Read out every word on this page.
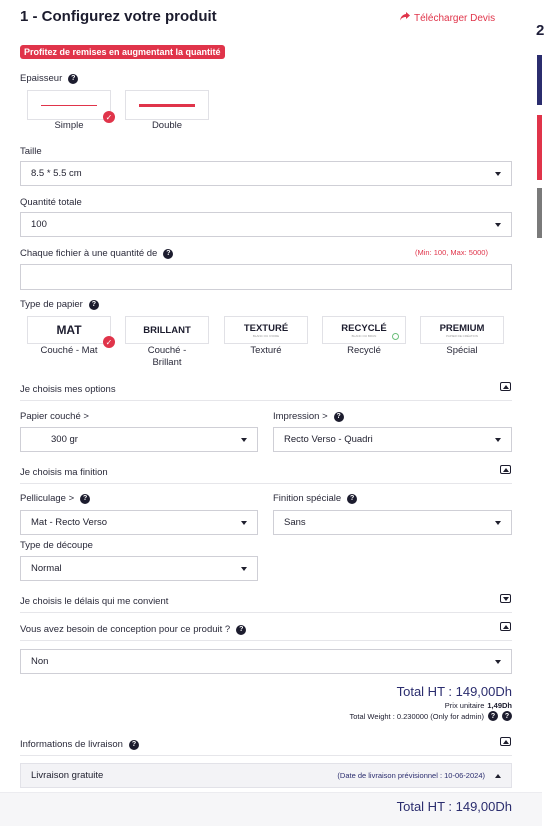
1 - Configurez votre produit	Télécharger Devis
Profitez de remises en augmentant la quantité
2
Epaisseur	?
✓
Simple	Double
Taille
8.5 * 5.5 cm
Quantité totale
100
Chaque fichier à une quantité de	?	(Min: 100, Max: 5000)
Type de papier	?
MAT
✓
Couché - Mat
BRILLANT
Couché - Brillant
TEXTURÉ
BLANC OU IVOIRE
Texturé
RECYCLÉ
BLANC OU BRUN
Recyclé
PREMIUM
PAPIER DE CRÉATION
Spécial
Je choisis mes options
Papier couché >
300 gr
Impression >	?
Recto Verso - Quadri
Je choisis ma finition
Pelliculage >	?
Mat - Recto Verso
Finition spéciale	?
Sans
Type de découpe
Normal
Je choisis le délais qui me convient
Vous avez besoin de conception pour ce produit ?	?
Non
Total HT : 149,00Dh
Prix unitaire 1,49Dh
Total Weight : 0.230000 (Only for admin) ?	?
Informations de livraison	?
Livraison gratuite	(Date de livraison prévisionnel : 10-06-2024)
Total HT : 149,00Dh
